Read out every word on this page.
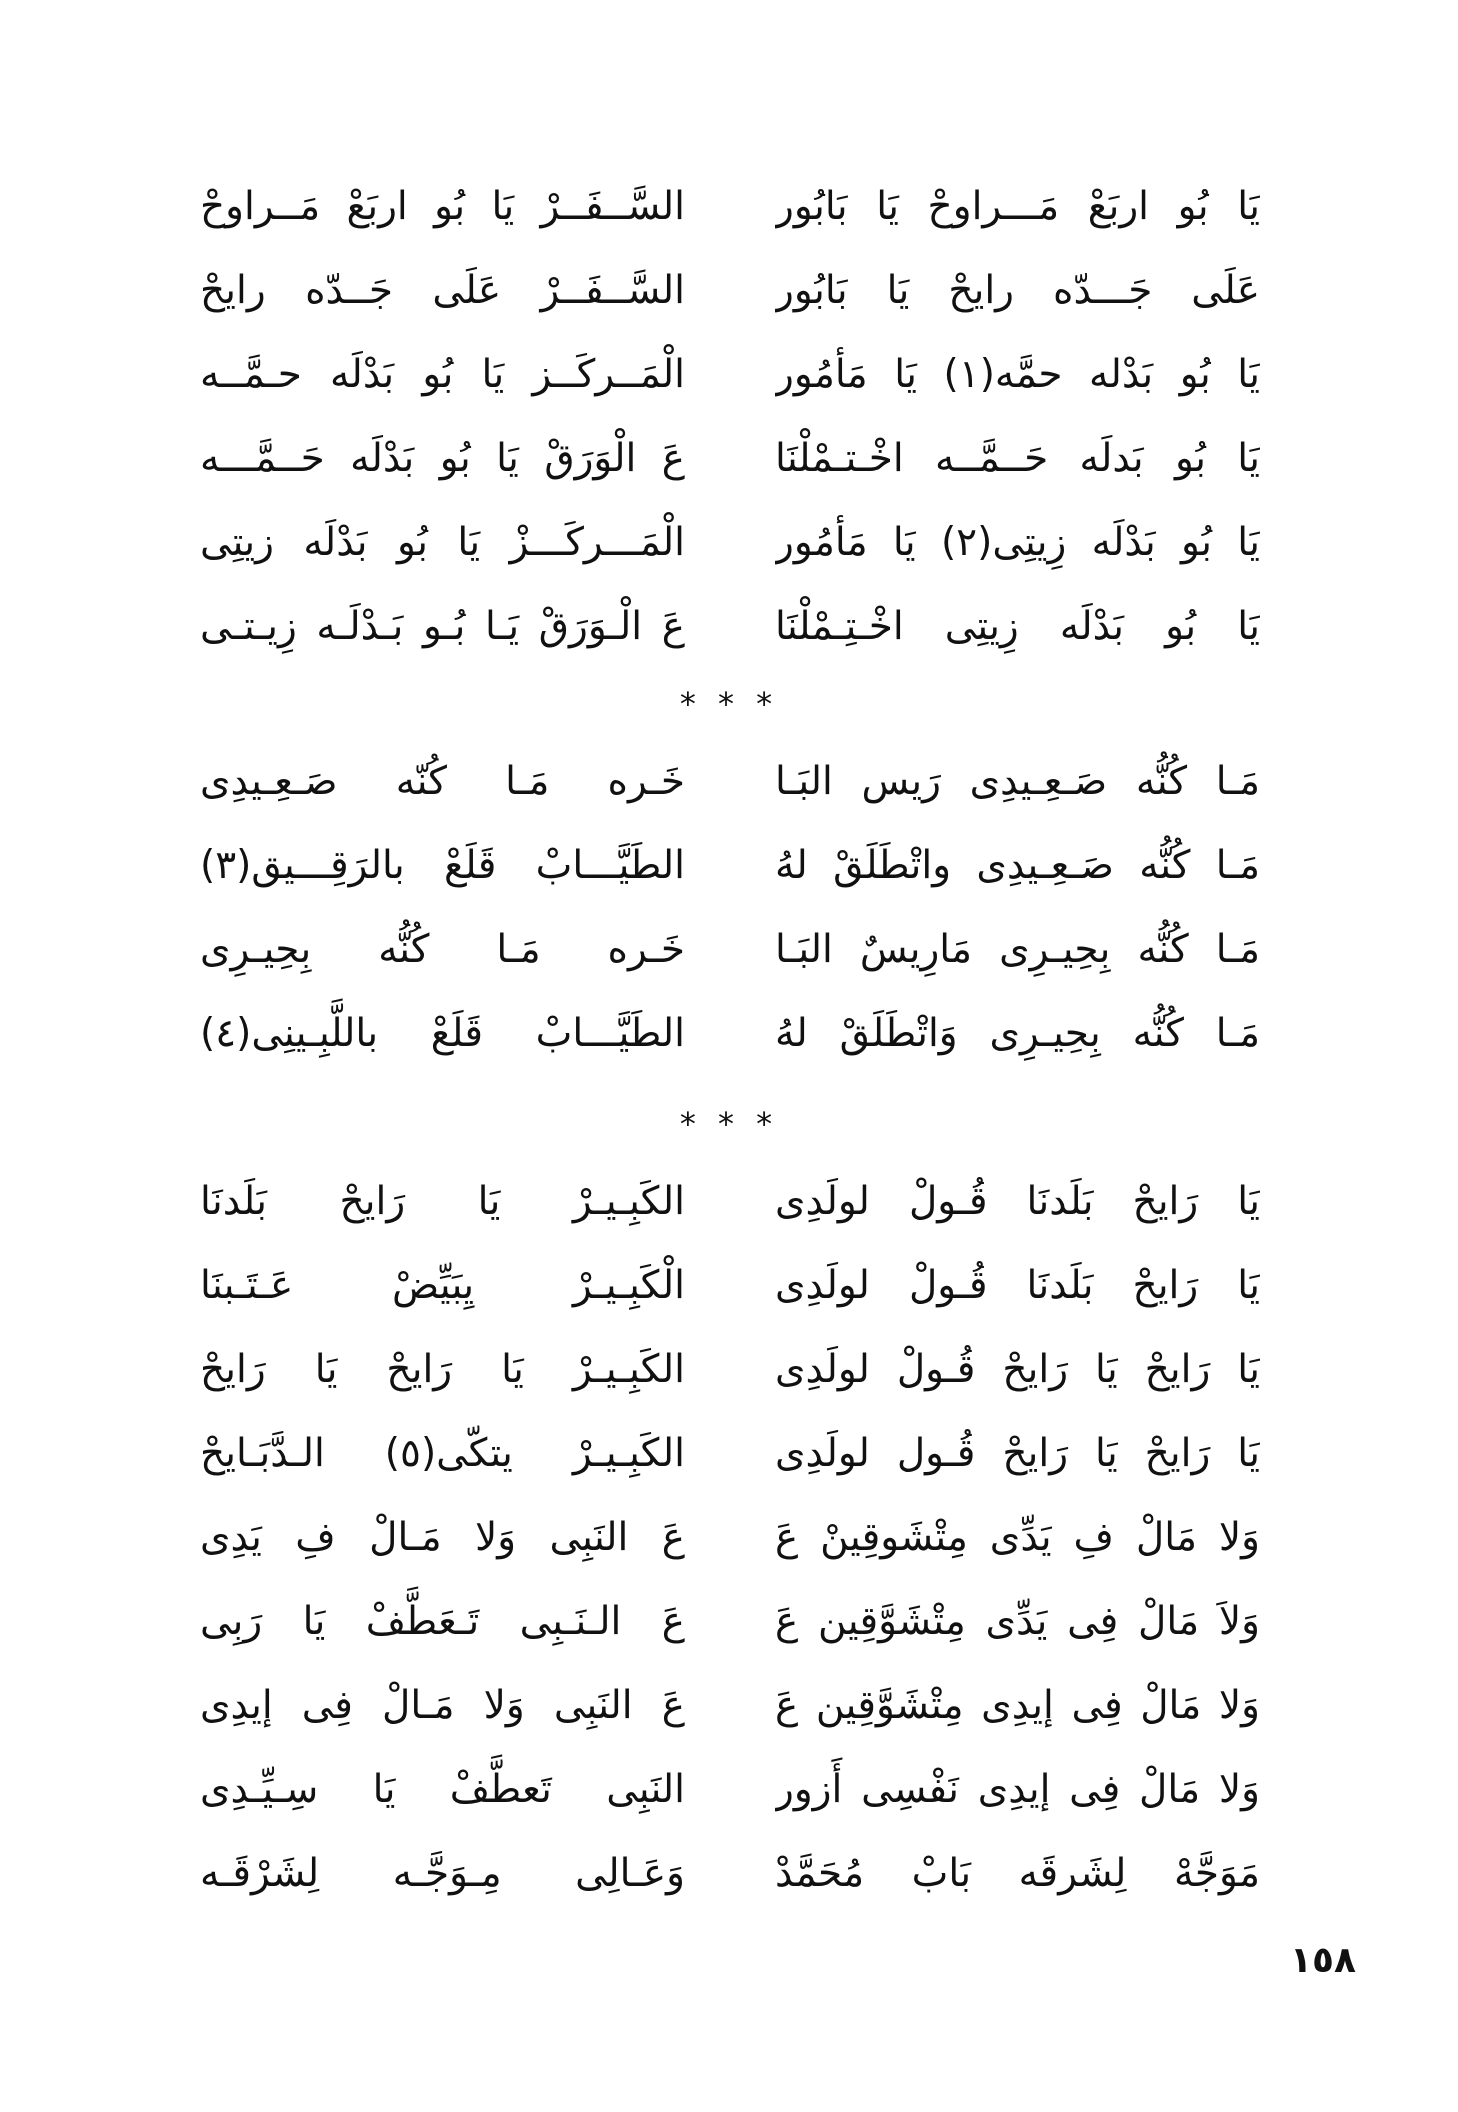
يَا بُو اربَعْ مَـــراوحْ يَا بَابُور
السَّــفَــرْ يَا بُو اربَعْ مَــراوحْ
عَلَى جَـــدّه رايحْ يَا بَابُور
السَّــفَــرْ عَلَى جَــدّه رايحْ
يَا بُو بَدْله حمَّه(١) يَا مَأمُور
الْمَــركَــز يَا بُو بَدْلَه حـمَّــه
يَا بُو بَدلَه حَــمَّــه اخْـتـمْلْنَا
عَ الْوَرَقْ يَا بُو بَدْلَه حَــمَّـــه
يَا بُو بَدْلَه زِيتِى(٢) يَا مَأمُور
الْمَـــركَـــزْ يَا بُو بَدْلَه زيتِى
يَا بُو بَدْلَه زِيتِى اخْـتِـمْلْنَا
عَ الْـوَرَقْ يَـا بُـو بَـدْلَـه زِيـتـى
* * *
مَـا كُنُّه صَـعِـيدِى رَيس البَـا
خَـره مَـا كُنّه صَـعِـيدِى
مَـا كُنُّه صَـعِـيدِى واتْطَلَقْ لهُ
الطَيَّـــابْ قَلَعْ بالرَقِـــيق(٣)
مَـا كُنُّه بِحِيـرِى مَارِيسٌ البَـا
خَـره مَـا كُنُّه بِحِيـرِى
مَـا كُنُّه بِحِيـرِى وَاتْطَلَقْ لهُ
الطَيَّـــابْ قَلَعْ باللَّبِـينِى(٤)
* * *
يَا رَايحْ بَلَدنَا قُـولْ لولَدِى
الكَبِـيـرْ يَا رَايحْ بَلَدنَا
يَا رَايحْ بَلَدنَا قُـولْ لولَدِى
الْكَبِـيـرْ يِبَيِّضْ عَـتَـبنَا
يَا رَايحْ يَا رَايحْ قُـولْ لولَدِى
الكَبِـيـرْ يَا رَايحْ يَا رَايحْ
يَا رَايحْ يَا رَايحْ قُـول لولَدِى
الكَبِـيـرْ يتكّى(٥) الـدَّبَـايحْ
وَلا مَالْ فِ يَدِّى مِتْشَوقِينْ عَ
عَ النَبِى وَلا مَـالْ فِ يَدِى
وَلاَ مَالْ فِى يَدِّى مِتْشَوَّقِين عَ
عَ الـنَـبِى تَـعَطَّفْ يَا رَبِى
وَلا مَالْ فِى إيدِى مِتْشَوَّقِين عَ
عَ النَبِى وَلا مَـالْ فِى إيدِى
وَلا مَالْ فِى إيدِى نَفْسِى أَزور
النَبِى تَعطَّفْ يَا سِـيِّـدِى
مَوَجَّهْ لِشَرقَه بَابْ مُحَمَّدْ
وَعَـالِى مِـوَجَّـه لِشَرْقَـه
١٥٨
